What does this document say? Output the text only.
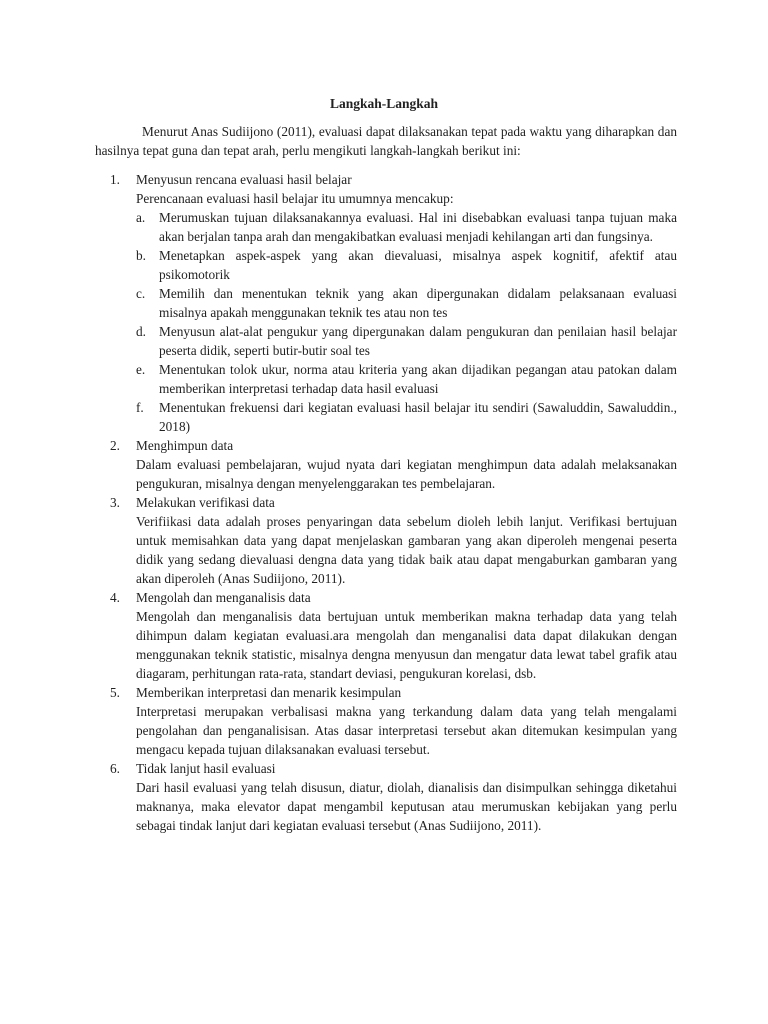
Langkah-Langkah
Menurut Anas Sudiijono (2011), evaluasi dapat dilaksanakan tepat pada waktu yang diharapkan dan hasilnya tepat guna dan tepat arah, perlu mengikuti langkah-langkah berikut ini:
1.	Menyusun rencana evaluasi hasil belajar
Perencanaan evaluasi hasil belajar itu umumnya mencakup:
a.	Merumuskan tujuan dilaksanakannya evaluasi. Hal ini disebabkan evaluasi tanpa tujuan maka akan berjalan tanpa arah dan mengakibatkan evaluasi menjadi kehilangan arti dan fungsinya.
b. Menetapkan aspek-aspek yang akan dievaluasi, misalnya aspek kognitif, afektif atau psikomotorik
c.	Memilih dan menentukan teknik yang akan dipergunakan didalam pelaksanaan evaluasi misalnya apakah menggunakan teknik tes atau non tes
d. Menyusun alat-alat pengukur yang dipergunakan dalam pengukuran dan penilaian hasil belajar peserta didik, seperti butir-butir soal tes
e.	Menentukan tolok ukur, norma atau kriteria yang akan dijadikan pegangan atau patokan dalam memberikan interpretasi terhadap data hasil evaluasi
f.	Menentukan frekuensi dari kegiatan evaluasi hasil belajar itu sendiri (Sawaluddin, Sawaluddin., 2018)
2.	Menghimpun data
Dalam evaluasi pembelajaran, wujud nyata dari kegiatan menghimpun data adalah melaksanakan pengukuran, misalnya dengan menyelenggarakan tes pembelajaran.
3.	Melakukan verifikasi data
Verifiikasi data adalah proses penyaringan data sebelum dioleh lebih lanjut. Verifikasi bertujuan untuk memisahkan data yang dapat menjelaskan gambaran yang akan diperoleh mengenai peserta didik yang sedang dievaluasi dengna data yang tidak baik atau dapat mengaburkan gambaran yang akan diperoleh (Anas Sudiijono, 2011).
4.	Mengolah dan menganalisis data
Mengolah dan menganalisis data bertujuan untuk memberikan makna terhadap data yang telah dihimpun dalam kegiatan evaluasi.ara mengolah dan menganalisi data dapat dilakukan dengan menggunakan teknik statistic, misalnya dengna menyusun dan mengatur data lewat tabel grafik atau diagaram, perhitungan rata-rata, standart deviasi, pengukuran korelasi, dsb.
5.	Memberikan interpretasi dan menarik kesimpulan
Interpretasi merupakan verbalisasi makna yang terkandung dalam data yang telah mengalami pengolahan dan penganalisisan. Atas dasar interpretasi tersebut akan ditemukan kesimpulan yang mengacu kepada tujuan dilaksanakan evaluasi tersebut.
6.	Tidak lanjut hasil evaluasi
Dari hasil evaluasi yang telah disusun, diatur, diolah, dianalisis dan disimpulkan sehingga diketahui maknanya, maka elevator dapat mengambil keputusan atau merumuskan kebijakan yang perlu sebagai tindak lanjut dari kegiatan evaluasi tersebut (Anas Sudiijono, 2011).
